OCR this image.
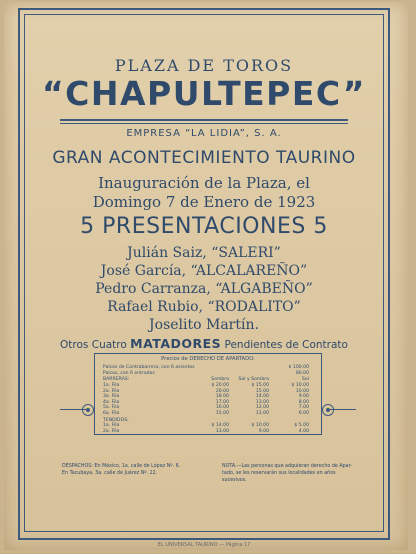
PLAZA DE TOROS
“CHAPULTEPEC”
EMPRESA “LA LIDIA”, S. A.
GRAN ACONTECIMIENTO TAURINO
Inauguración de la Plaza, el
Domingo 7 de Enero de 1923
5 PRESENTACIONES 5
Julián Saiz, “SALERI”
José García, “ALCALAREÑO”
Pedro Carranza, “ALGABEÑO”
Rafael Rubio, “RODALITO”
Joselito Martín.
Otros Cuatro MATADORES Pendientes de Contrato
Precios de DERECHO DE APARTADO:
Palcos de Contrabarrera, con 6 asientos	$ 100.00
Palcos, con 6 entradas	80.00
BARRERAS:	Sombra	Sol y Sombra	Sol
1a. Fila	$ 20.00	$ 15.00	$ 10.00
2a. Fila	20.00	15.00	10.00
3a. Fila	18.00	14.00	9.00
4a. Fila	17.00	13.00	8.00
5a. Fila	16.00	12.00	7.00
6a. Fila	15.00	11.00	6.00
TENDIDOS:
1a. Fila	$ 14.00	$ 10.00	$ 5.00
2a. Fila	13.00	9.00	4.00
DESPACHOS: En México, 1a. calle de López Nº. 6.
En Tacubaya, 3a. calle de Juárez Nº. 22.
NOTA.—Las personas que adquieran derecho de Apar-
tado, se les reservarán sus localidades en años sucesivos.
EL UNIVERSAL TAURINO — Página 17
